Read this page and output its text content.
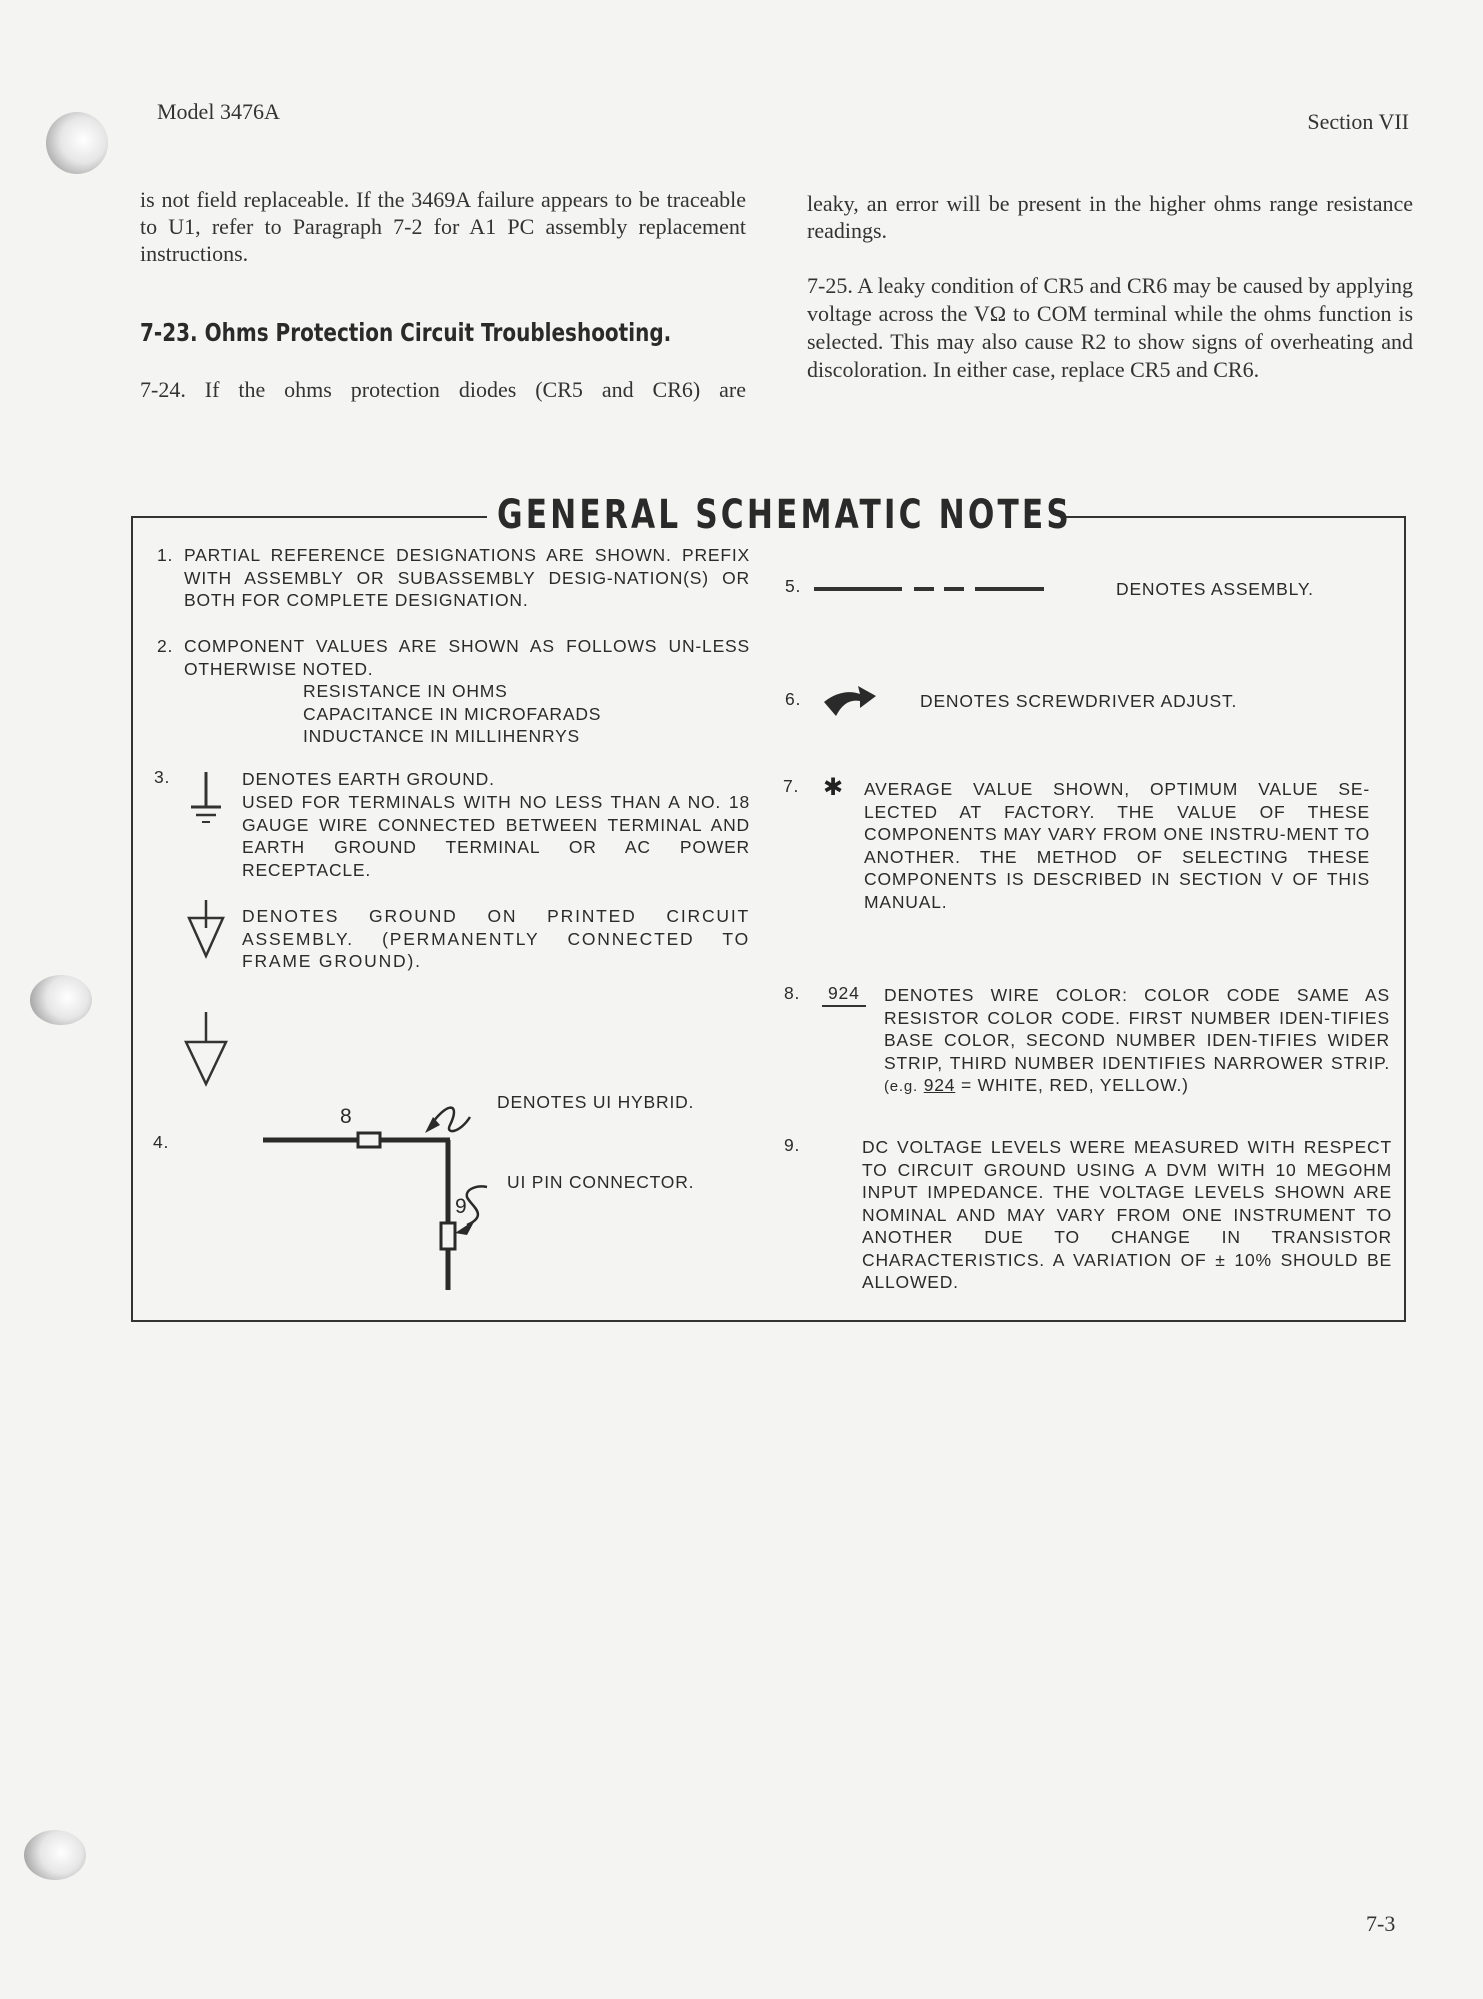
Model 3476A	Section VII
is not field replaceable. If the 3469A failure appears to be traceable to U1, refer to Paragraph 7-2 for A1 PC assembly replacement instructions.
7-23. Ohms Protection Circuit Troubleshooting.
7-24. If the ohms protection diodes (CR5 and CR6) are
leaky, an error will be present in the higher ohms range resistance readings.
7-25. A leaky condition of CR5 and CR6 may be caused by applying voltage across the VΩ to COM terminal while the ohms function is selected. This may also cause R2 to show signs of overheating and discoloration. In either case, replace CR5 and CR6.
GENERAL SCHEMATIC NOTES
1. PARTIAL REFERENCE DESIGNATIONS ARE SHOWN. PREFIX WITH ASSEMBLY OR SUBASSEMBLY DESIG-NATION(S) OR BOTH FOR COMPLETE DESIGNATION.
2. COMPONENT VALUES ARE SHOWN AS FOLLOWS UN-LESS OTHERWISE NOTED.
RESISTANCE IN OHMS
CAPACITANCE IN MICROFARADS
INDUCTANCE IN MILLIHENRYS
3.	DENOTES EARTH GROUND.
USED FOR TERMINALS WITH NO LESS THAN A NO. 18 GAUGE WIRE CONNECTED BETWEEN TERMINAL AND EARTH GROUND TERMINAL OR AC POWER RECEPTACLE.
DENOTES GROUND ON PRINTED CIRCUIT ASSEMBLY. (PERMANENTLY CONNECTED TO FRAME GROUND).
4.
8
9
DENOTES UI HYBRID.
UI PIN CONNECTOR.
5.	DENOTES ASSEMBLY.
6.	DENOTES SCREWDRIVER ADJUST.
7. ✱ AVERAGE VALUE SHOWN, OPTIMUM VALUE SE-LECTED AT FACTORY. THE VALUE OF THESE COMPONENTS MAY VARY FROM ONE INSTRU-MENT TO ANOTHER. THE METHOD OF SELECTING THESE COMPONENTS IS DESCRIBED IN SECTION V OF THIS MANUAL.
8.	924	DENOTES WIRE COLOR: COLOR CODE SAME AS RESISTOR COLOR CODE. FIRST NUMBER IDEN-TIFIES BASE COLOR, SECOND NUMBER IDEN-TIFIES WIDER STRIP, THIRD NUMBER IDENTIFIES NARROWER STRIP. (e.g. 924 = WHITE, RED, YELLOW.)
9.	DC VOLTAGE LEVELS WERE MEASURED WITH RESPECT TO CIRCUIT GROUND USING A DVM WITH 10 MEGOHM INPUT IMPEDANCE. THE VOLTAGE LEVELS SHOWN ARE NOMINAL AND MAY VARY FROM ONE INSTRUMENT TO ANOTHER DUE TO CHANGE IN TRANSISTOR CHARACTERISTICS. A VARIATION OF ± 10% SHOULD BE ALLOWED.
7-3
